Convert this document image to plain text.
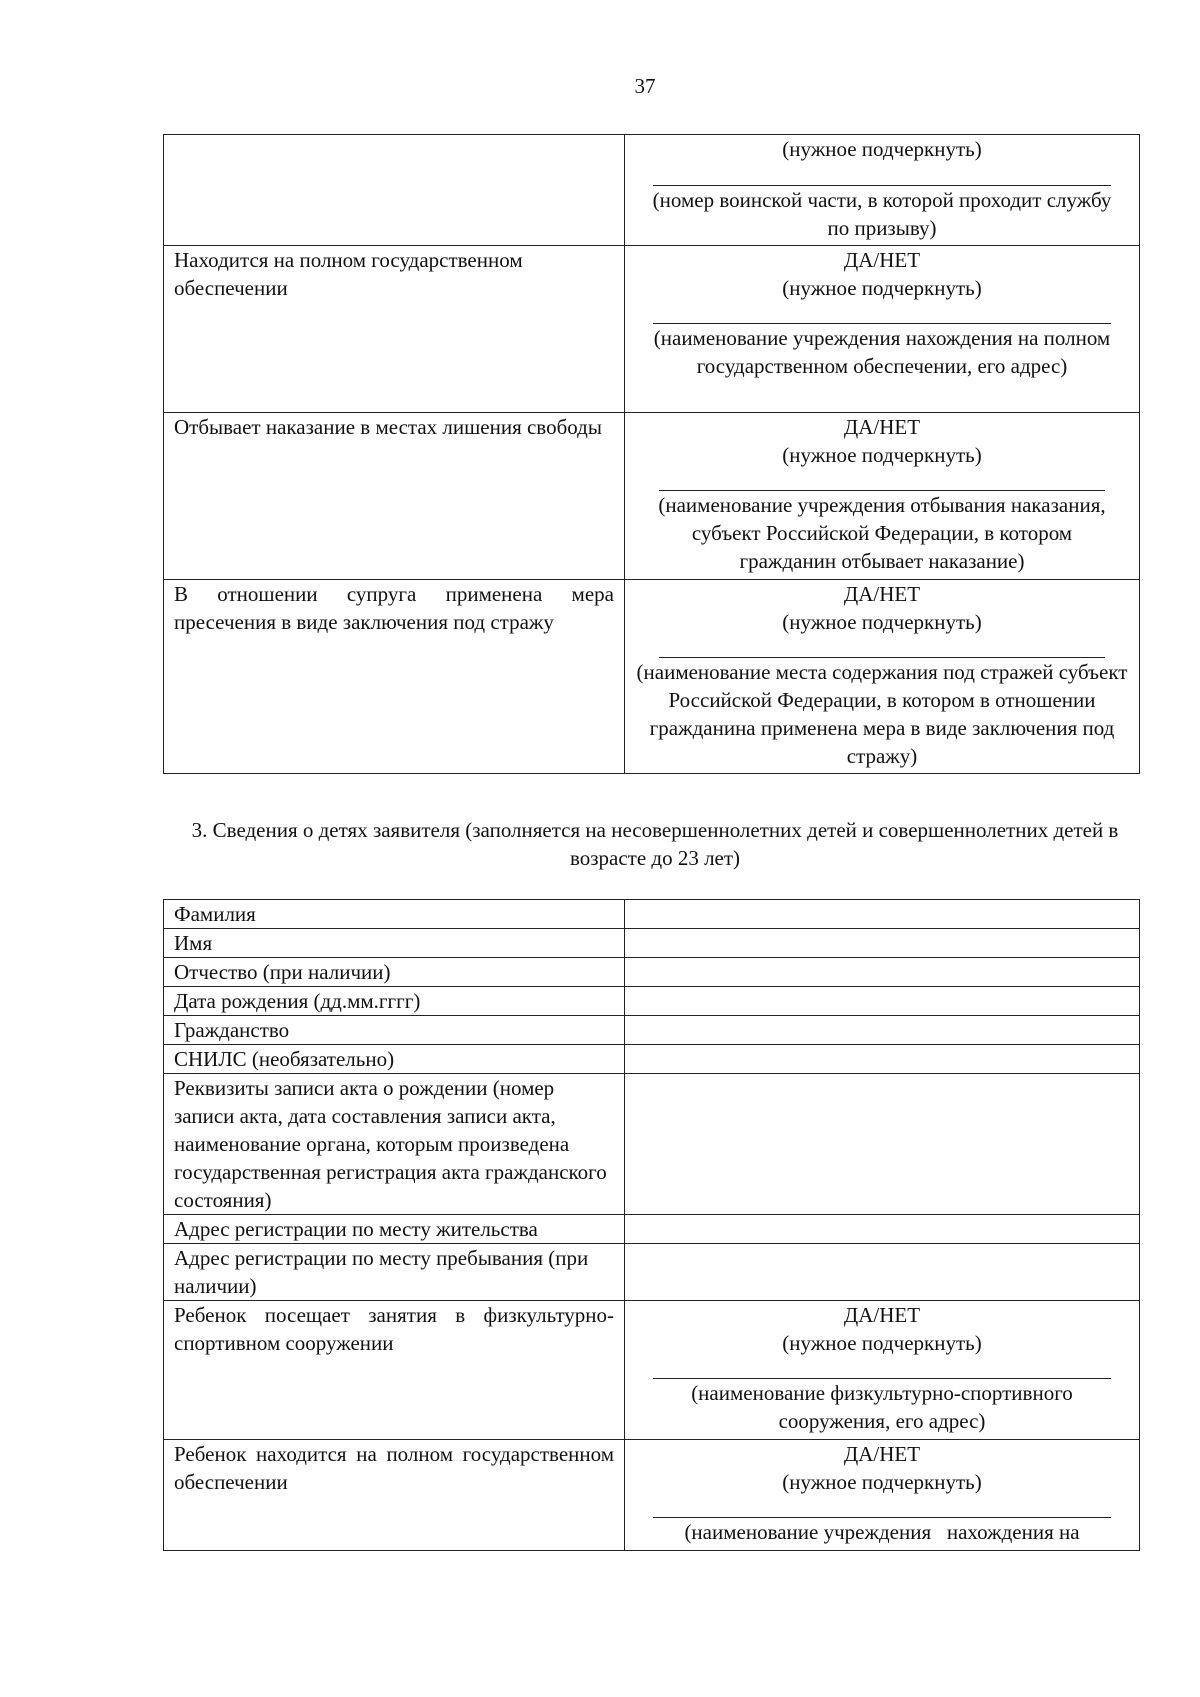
37

	(нужное подчеркнуть)
(номер воинской части, в которой проходит службу по призыву)

Находится на полном государственном обеспечении	ДА/НЕТ
(нужное подчеркнуть)
(наименование учреждения нахождения на полном государственном обеспечении, его адрес)

Отбывает наказание в местах лишения свободы	ДА/НЕТ
(нужное подчеркнуть)
(наименование учреждения отбывания наказания, субъект Российской Федерации, в котором гражданин отбывает наказание)

В отношении супруга применена мера пресечения в виде заключения под стражу	ДА/НЕТ
(нужное подчеркнуть)
(наименование места содержания под стражей субъект Российской Федерации, в котором в отношении гражданина применена мера в виде заключения под стражу)
3. Сведения о детях заявителя (заполняется на несовершеннолетних детей и совершеннолетних детей в возрасте до 23 лет)
Фамилия	
Имя	
Отчество (при наличии)	
Дата рождения (дд.мм.гггг)	
Гражданство	
СНИЛС (необязательно)	
Реквизиты записи акта о рождении (номер записи акта, дата составления записи акта, наименование органа, которым произведена государственная регистрация акта гражданского состояния)	
Адрес регистрации по месту жительства	
Адрес регистрации по месту пребывания (при наличии)	

Ребенок посещает занятия в физкультурно-спортивном сооружении	ДА/НЕТ
(нужное подчеркнуть)
(наименование физкультурно-спортивного сооружения, его адрес)

Ребенок находится на полном государственном обеспечении	ДА/НЕТ
(нужное подчеркнуть)
(наименование учреждения   нахождения на
